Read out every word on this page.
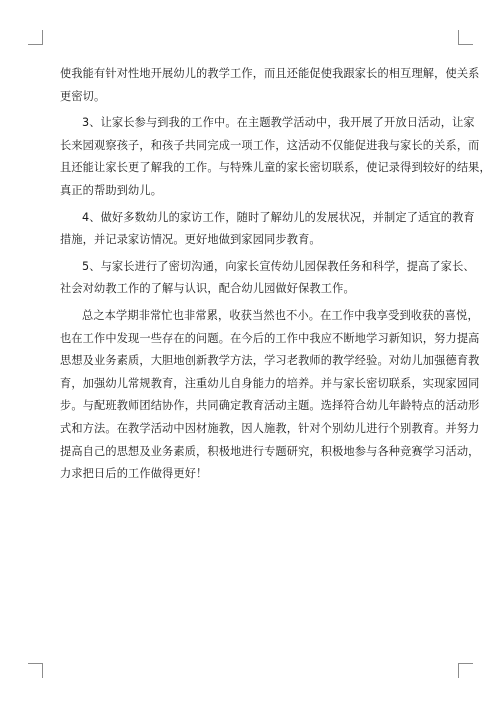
使我能有针对性地开展幼儿的教学工作，而且还能促使我跟家长的相互理解，使关系
更密切。
3、让家长参与到我的工作中。在主题教学活动中，我开展了开放日活动，让家
长来园观察孩子，和孩子共同完成一项工作，这活动不仅能促进我与家长的关系，而
且还能让家长更了解我的工作。与特殊儿童的家长密切联系，使记录得到较好的结果，
真正的帮助到幼儿。
4、做好多数幼儿的家访工作，随时了解幼儿的发展状况，并制定了适宜的教育
措施，并记录家访情况。更好地做到家园同步教育。
5、与家长进行了密切沟通，向家长宣传幼儿园保教任务和科学，提高了家长、
社会对幼教工作的了解与认识，配合幼儿园做好保教工作。
总之本学期非常忙也非常累，收获当然也不小。在工作中我享受到收获的喜悦，
也在工作中发现一些存在的问题。在今后的工作中我应不断地学习新知识，努力提高
思想及业务素质，大胆地创新教学方法，学习老教师的教学经验。对幼儿加强德育教
育，加强幼儿常规教育，注重幼儿自身能力的培养。并与家长密切联系，实现家园同
步。与配班教师团结协作，共同确定教育活动主题。选择符合幼儿年龄特点的活动形
式和方法。在教学活动中因材施教，因人施教，针对个别幼儿进行个别教育。并努力
提高自己的思想及业务素质，积极地进行专题研究，积极地参与各种竞赛学习活动，
力求把日后的工作做得更好！
